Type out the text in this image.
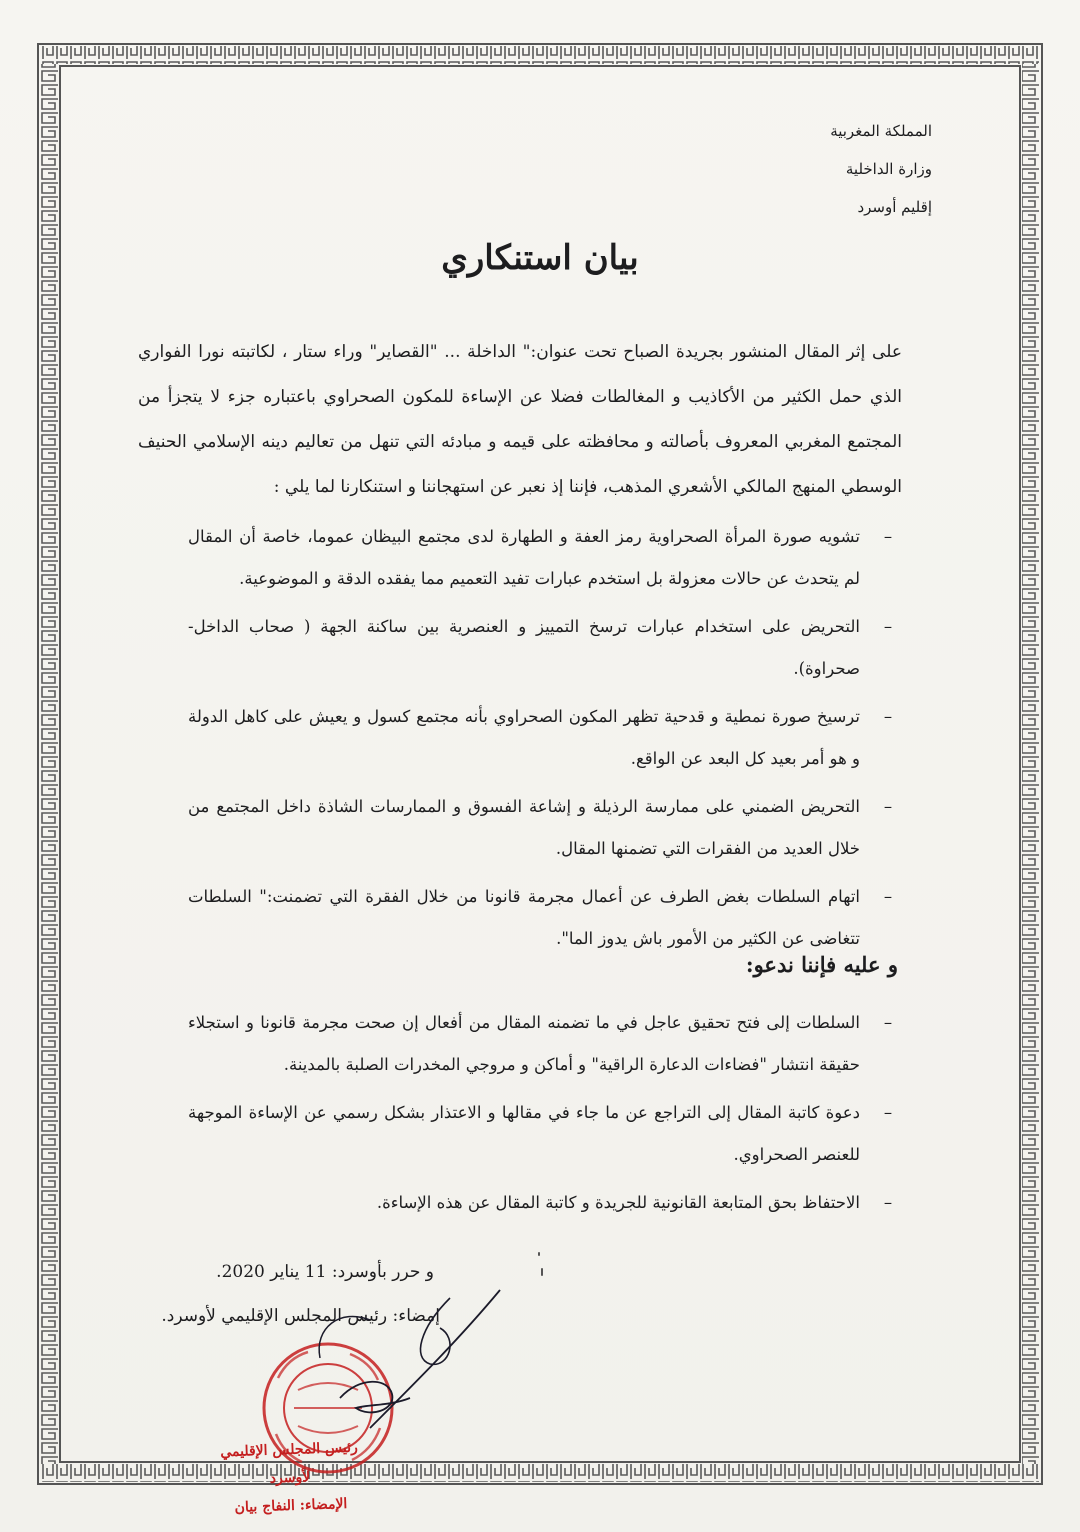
المملكة المغربية
وزارة الداخلية
إقليم أوسرد
بيان استنكاري
على إثر المقال المنشور بجريدة الصباح تحت عنوان:" الداخلة ... "القصاير" وراء ستار ، لكاتبته نورا الفواري الذي حمل الكثير من الأكاذيب و المغالطات فضلا عن الإساءة للمكون الصحراوي باعتباره جزء لا يتجزأ من المجتمع المغربي المعروف بأصالته و محافظته على قيمه و مبادئه التي تنهل من تعاليم دينه الإسلامي الحنيف الوسطي المنهج المالكي الأشعري المذهب، فإننا إذ نعبر عن استهجاننا و استنكارنا لما يلي :
–
تشويه صورة المرأة الصحراوية رمز العفة و الطهارة لدى مجتمع البيظان عموما، خاصة أن المقال لم يتحدث عن حالات معزولة بل استخدم عبارات تفيد التعميم مما يفقده الدقة و الموضوعية.
–
التحريض على استخدام عبارات ترسخ التمييز و العنصرية بين ساكنة الجهة ( صحاب الداخل- صحراوة).
–
ترسيخ صورة نمطية و قدحية تظهر المكون الصحراوي بأنه مجتمع كسول و يعيش على كاهل الدولة و هو أمر بعيد كل البعد عن الواقع.
–
التحريض الضمني على ممارسة الرذيلة و إشاعة الفسوق و الممارسات الشاذة داخل المجتمع من خلال العديد من الفقرات التي تضمنها المقال.
–
اتهام السلطات بغض الطرف عن أعمال مجرمة قانونا من خلال الفقرة التي تضمنت:" السلطات تتغاضى عن الكثير من الأمور باش يدوز الما".
و عليه فإننا ندعو:
–
السلطات إلى فتح تحقيق عاجل في ما تضمنه المقال من أفعال إن صحت مجرمة قانونا و استجلاء حقيقة انتشار "فضاءات الدعارة الراقية" و أماكن و مروجي المخدرات الصلبة بالمدينة.
–
دعوة كاتبة المقال إلى التراجع عن ما جاء في مقالها و الاعتذار بشكل رسمي عن الإساءة الموجهة للعنصر الصحراوي.
–
الاحتفاظ بحق المتابعة القانونية للجريدة و كاتبة المقال عن هذه الإساءة.
و حرر بأوسرد: 11 يناير 2020.
إمضاء: رئيس المجلس الإقليمي لأوسرد.
رئيس المجلس الإقليمي لأوسرد
الإمضاء: النفاج بيان
